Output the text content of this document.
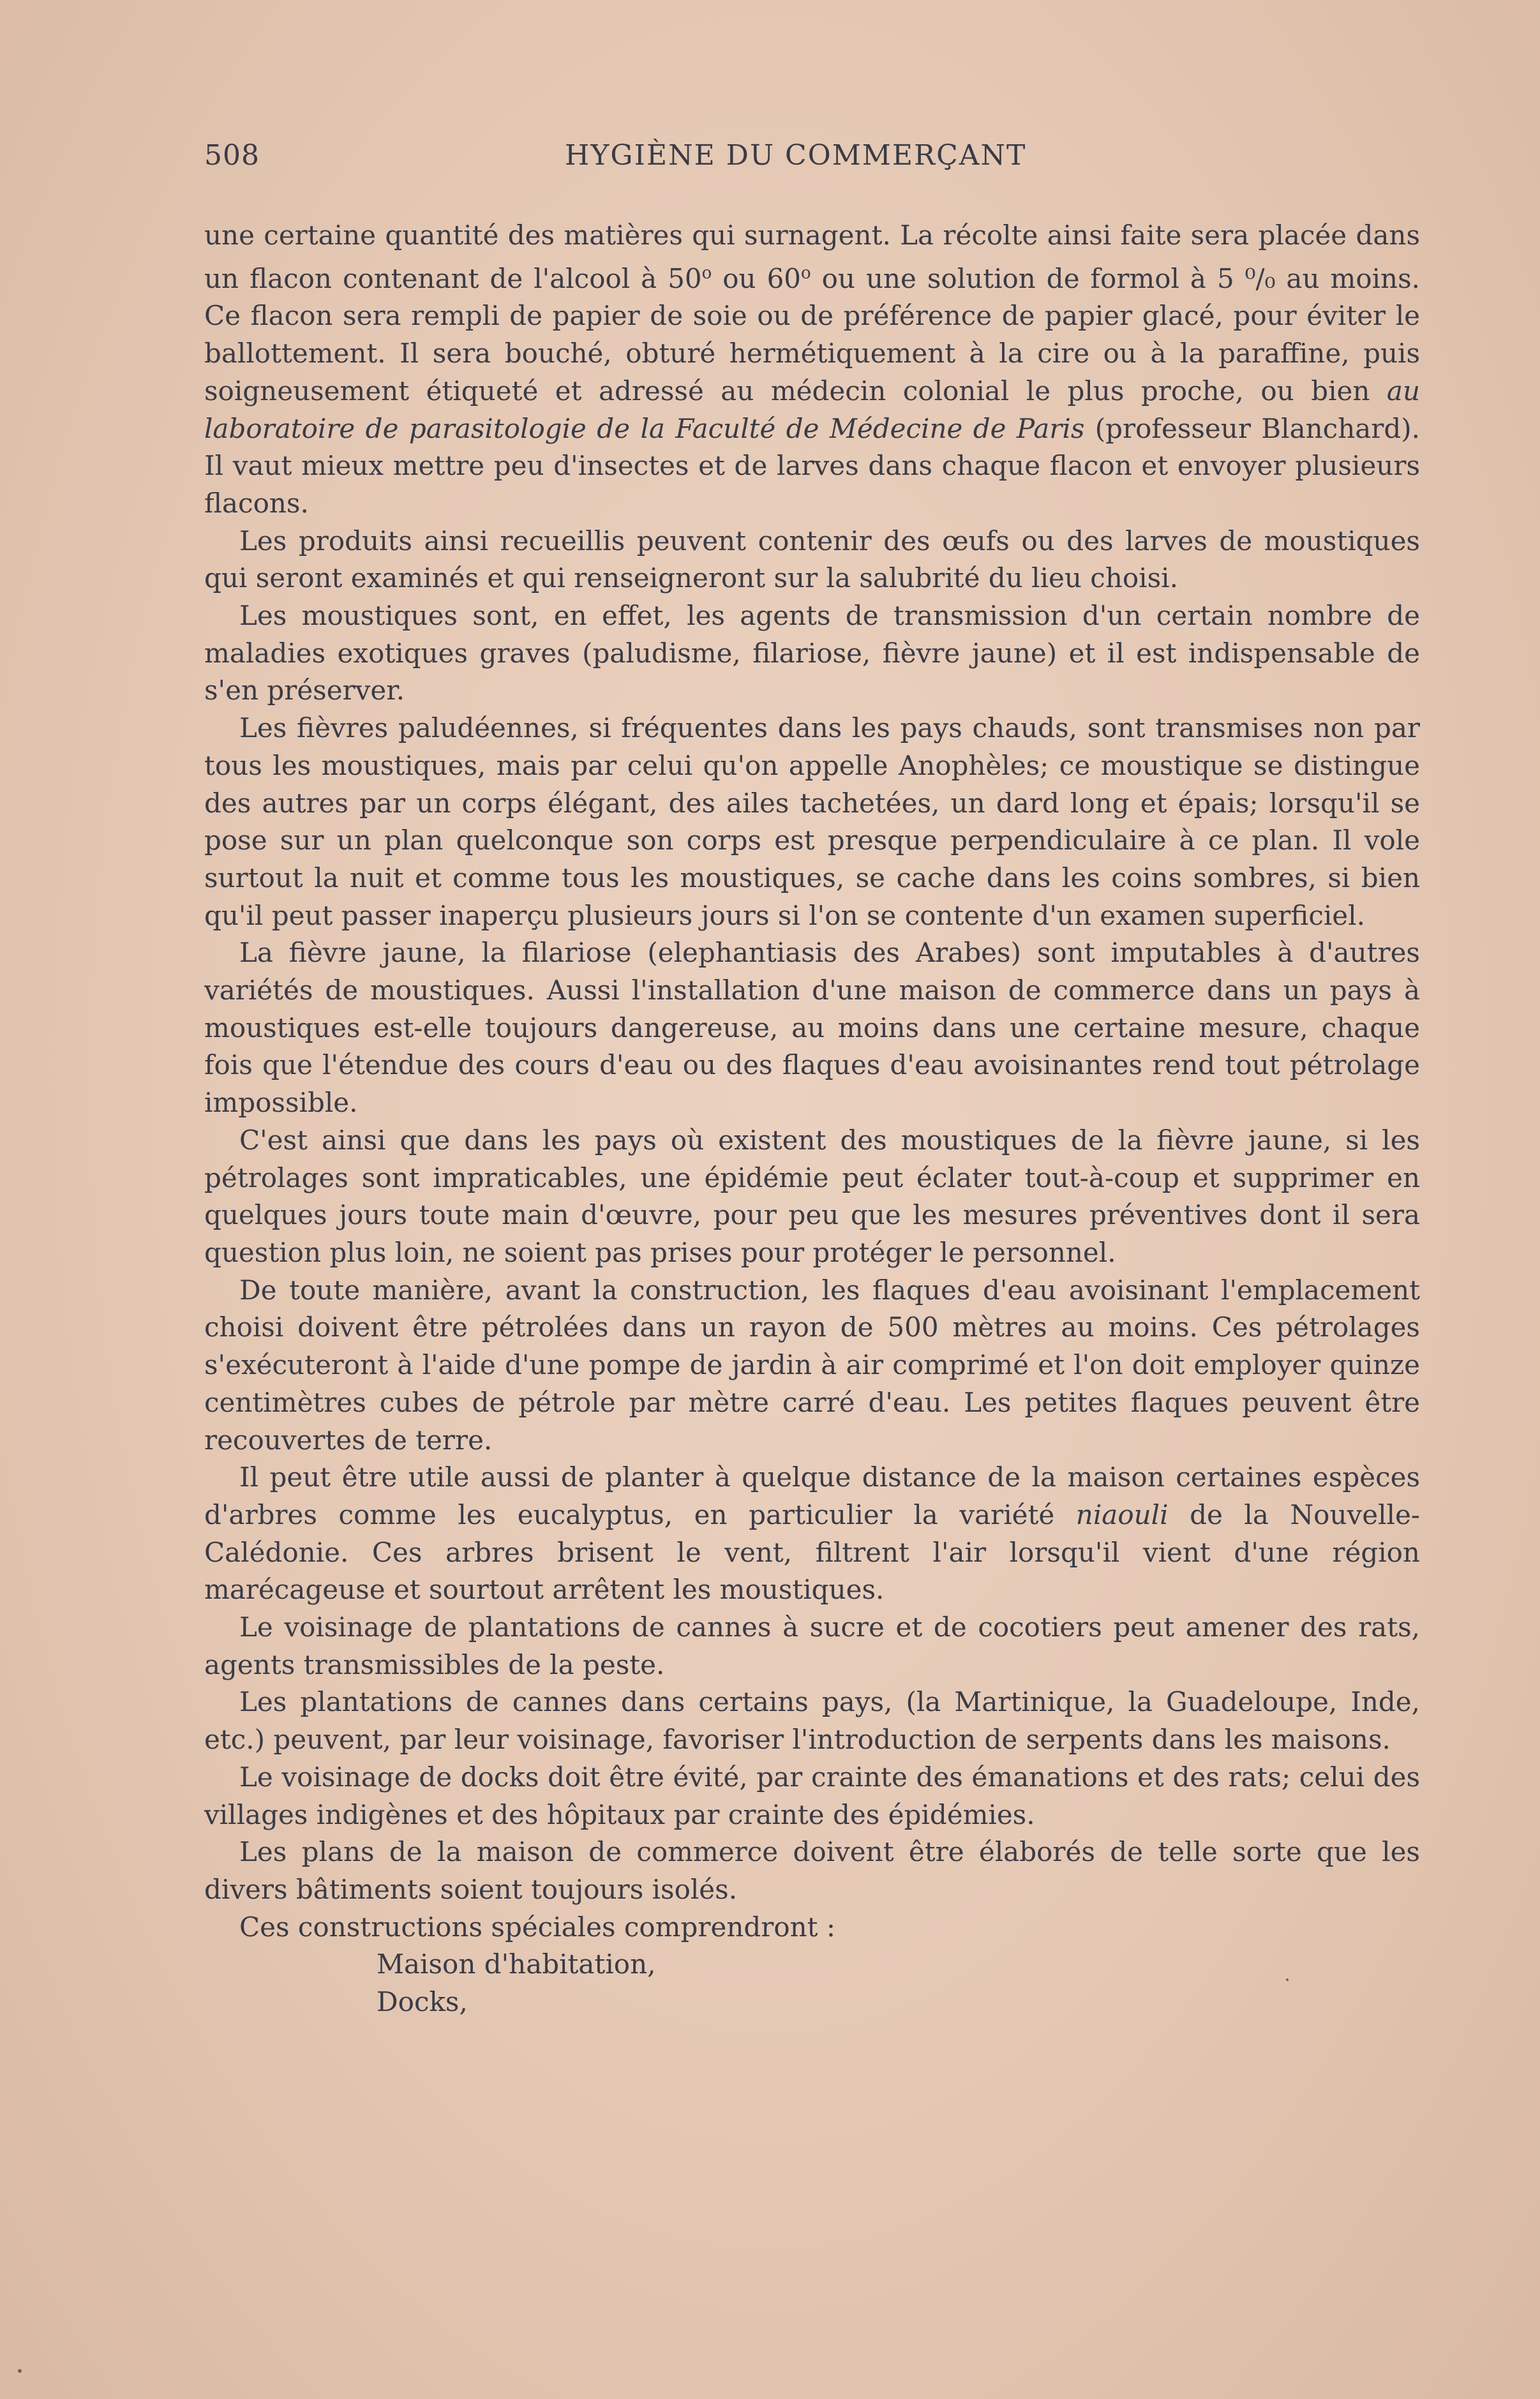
508	HYGIÈNE DU COMMERÇANT

une certaine quantité des matières qui surnagent. La récolte ainsi faite sera placée dans un flacon contenant de l'alcool à 50$^o$ ou 60$^o$ ou une solution de formol à 5 ⁰/₀ au moins. Ce flacon sera rempli de papier de soie ou de préférence de papier glacé, pour éviter le ballottement. Il sera bouché, obturé hermétiquement à la cire ou à la paraffine, puis soigneusement étiqueté et adressé au médecin colonial le plus proche, ou bien au laboratoire de parasitologie de la Faculté de Médecine de Paris (professeur Blanchard). Il vaut mieux mettre peu d'insectes et de larves dans chaque flacon et envoyer plusieurs flacons.

Les produits ainsi recueillis peuvent contenir des œufs ou des larves de moustiques qui seront examinés et qui renseigneront sur la salubrité du lieu choisi.

Les moustiques sont, en effet, les agents de transmission d'un certain nombre de maladies exotiques graves (paludisme, filariose, fièvre jaune) et il est indispensable de s'en préserver.

Les fièvres paludéennes, si fréquentes dans les pays chauds, sont transmises non par tous les moustiques, mais par celui qu'on appelle Anophèles; ce moustique se distingue des autres par un corps élégant, des ailes tachetées, un dard long et épais; lorsqu'il se pose sur un plan quelconque son corps est presque perpendiculaire à ce plan. Il vole surtout la nuit et comme tous les moustiques, se cache dans les coins sombres, si bien qu'il peut passer inaperçu plusieurs jours si l'on se contente d'un examen superficiel.

La fièvre jaune, la filariose (elephantiasis des Arabes) sont imputables à d'autres variétés de moustiques. Aussi l'installation d'une maison de commerce dans un pays à moustiques est-elle toujours dangereuse, au moins dans une certaine mesure, chaque fois que l'étendue des cours d'eau ou des flaques d'eau avoisinantes rend tout pétrolage impossible.

C'est ainsi que dans les pays où existent des moustiques de la fièvre jaune, si les pétrolages sont impraticables, une épidémie peut éclater tout-à-coup et supprimer en quelques jours toute main d'œuvre, pour peu que les mesures préventives dont il sera question plus loin, ne soient pas prises pour protéger le personnel.

De toute manière, avant la construction, les flaques d'eau avoisinant l'emplacement choisi doivent être pétrolées dans un rayon de 500 mètres au moins. Ces pétrolages s'exécuteront à l'aide d'une pompe de jardin à air comprimé et l'on doit employer quinze centimètres cubes de pétrole par mètre carré d'eau. Les petites flaques peuvent être recouvertes de terre.

Il peut être utile aussi de planter à quelque distance de la maison certaines espèces d'arbres comme les eucalyptus, en particulier la variété niaouli de la Nouvelle-Calédonie. Ces arbres brisent le vent, filtrent l'air lorsqu'il vient d'une région marécageuse et sourtout arrêtent les moustiques.

Le voisinage de plantations de cannes à sucre et de cocotiers peut amener des rats, agents transmissibles de la peste.

Les plantations de cannes dans certains pays, (la Martinique, la Guadeloupe, Inde, etc.) peuvent, par leur voisinage, favoriser l'introduction de serpents dans les maisons.

Le voisinage de docks doit être évité, par crainte des émanations et des rats; celui des villages indigènes et des hôpitaux par crainte des épidémies.

Les plans de la maison de commerce doivent être élaborés de telle sorte que les divers bâtiments soient toujours isolés.

Ces constructions spéciales comprendront :

Maison d'habitation,
Docks,
